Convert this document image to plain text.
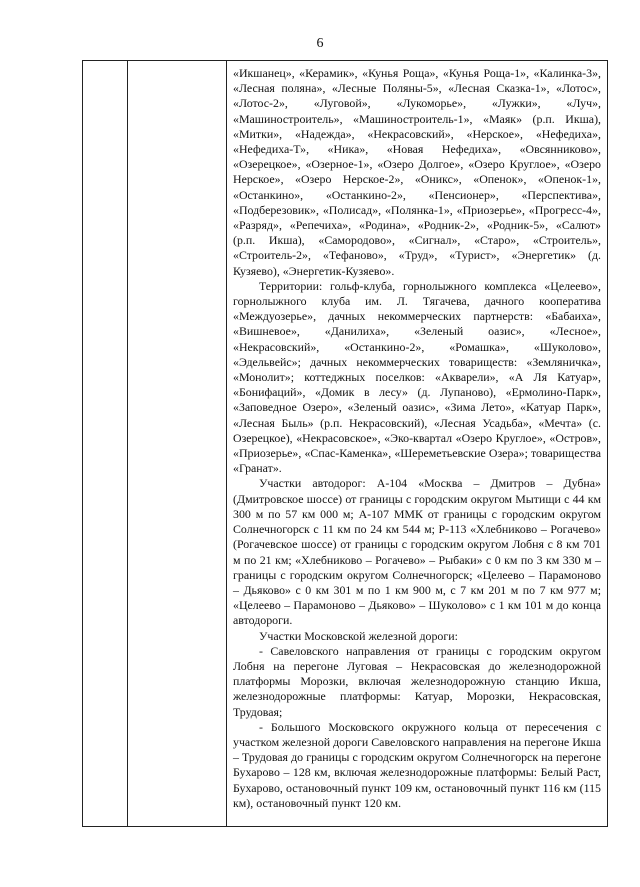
6

«Икшанец», «Керамик», «Кунья Роща», «Кунья Роща-1», «Калинка-3», «Лесная поляна», «Лесные Поляны-5», «Лесная Сказка-1», «Лотос», «Лотос-2», «Луговой», «Лукоморье», «Лужки», «Луч», «Машиностроитель», «Машиностроитель-1», «Маяк» (р.п. Икша), «Митки», «Надежда», «Некрасовский», «Нерское», «Нефедиха», «Нефедиха-Т», «Ника», «Новая Нефедиха», «Овсянниково», «Озерецкое», «Озерное-1», «Озеро Долгое», «Озеро Круглое», «Озеро Нерское», «Озеро Нерское-2», «Оникс», «Опенок», «Опенок-1», «Останкино», «Останкино-2», «Пенсионер», «Перспектива», «Подберезовик», «Полисад», «Полянка-1», «Приозерье», «Прогресс-4», «Разряд», «Репечиха», «Родина», «Родник-2», «Родник-5», «Салют» (р.п. Икша), «Самородово», «Сигнал», «Старо», «Строитель», «Строитель-2», «Тефаново», «Труд», «Турист», «Энергетик» (д. Кузяево), «Энергетик-Кузяево».

Территории: гольф-клуба, горнолыжного комплекса «Целеево», горнолыжного клуба им. Л. Тягачева, дачного кооператива «Междуозерье», дачных некоммерческих партнерств: «Бабаиха», «Вишневое», «Данилиха», «Зеленый оазис», «Лесное», «Некрасовский», «Останкино-2», «Ромашка», «Шуколово», «Эдельвейс»; дачных некоммерческих товариществ: «Земляничка», «Монолит»; коттеджных поселков: «Акварели», «А Ля Катуар», «Бонифаций», «Домик в лесу» (д. Лупаново), «Ермолино-Парк», «Заповедное Озеро», «Зеленый оазис», «Зима Лето», «Катуар Парк», «Лесная Быль» (р.п. Некрасовский), «Лесная Усадьба», «Мечта» (с. Озерецкое), «Некрасовское», «Эко-квартал «Озеро Круглое», «Остров», «Приозерье», «Спас-Каменка», «Шереметьевские Озера»; товарищества «Гранат».

Участки автодорог: А-104 «Москва – Дмитров – Дубна» (Дмитровское шоссе) от границы с городским округом Мытищи с 44 км 300 м по 57 км 000 м; А-107 ММК от границы с городским округом Солнечногорск с 11 км по 24 км 544 м; Р-113 «Хлебниково – Рогачево» (Рогачевское шоссе) от границы с городским округом Лобня с 8 км 701 м по 21 км; «Хлебниково – Рогачево» – Рыбаки» с 0 км по 3 км 330 м – границы с городским округом Солнечногорск; «Целеево – Парамоново – Дьяково» с 0 км 301 м по 1 км 900 м, с 7 км 201 м по 7 км 977 м; «Целеево – Парамоново – Дьяково» – Шуколово» с 1 км 101 м до конца автодороги.

Участки Московской железной дороги:

- Савеловского направления от границы с городским округом Лобня на перегоне Луговая – Некрасовская до железнодорожной платформы Морозки, включая железнодорожную станцию Икша, железнодорожные платформы: Катуар, Морозки, Некрасовская, Трудовая;

- Большого Московского окружного кольца от пересечения с участком железной дороги Савеловского направления на перегоне Икша – Трудовая до границы с городским округом Солнечногорск на перегоне Бухарово – 128 км, включая железнодорожные платформы: Белый Раст, Бухарово, остановочный пункт 109 км, остановочный пункт 116 км (115 км), остановочный пункт 120 км.
